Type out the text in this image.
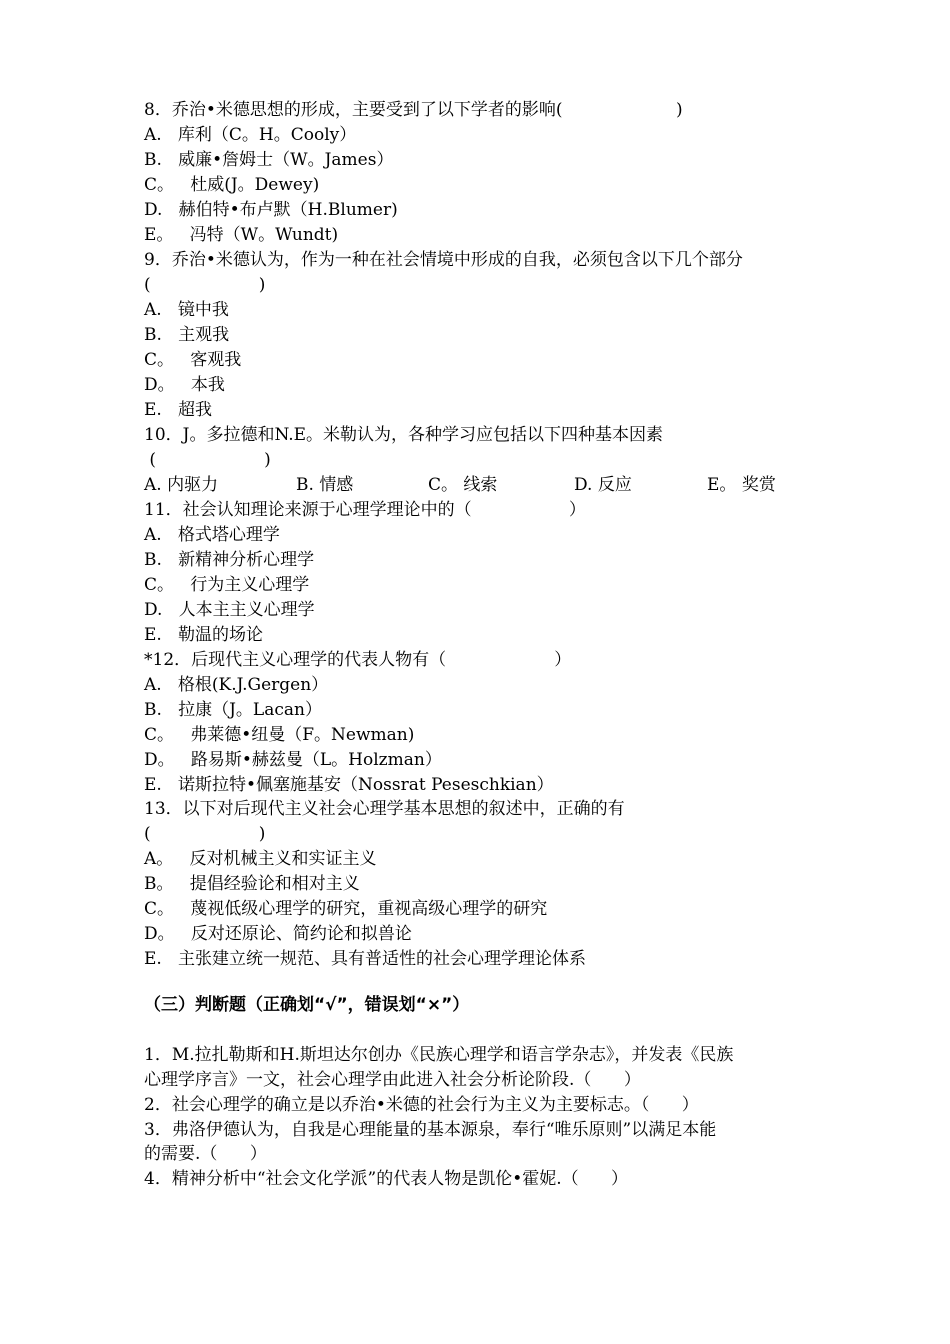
8．乔治•米德思想的形成，主要受到了以下学者的影响(                     )
A.   库利（C。H。Cooly）
B.   威廉•詹姆士（W。James）
C。   杜威(J。Dewey)
D.   赫伯特•布卢默（H.Blumer)
E。   冯特（W。Wundt)
9．乔治•米德认为，作为一种在社会情境中形成的自我，必须包含以下几个部分
(                    )
A.   镜中我
B.   主观我
C。   客观我
D。   本我
E.   超我
10．J。多拉德和N.E。米勒认为，各种学习应包括以下四种基本因素
(                    )

A. 内驱力

	B. 情感

	C。 线索

	D. 反应

	E。 奖赏

11．社会认知理论来源于心理学理论中的（                  ）
A.   格式塔心理学
B.   新精神分析心理学
C。   行为主义心理学
D.   人本主主义心理学
E.   勒温的场论
*12．后现代主义心理学的代表人物有（                    ）
A.   格根(K.J.Gergen）
B.   拉康（J。Lacan）
C。   弗莱德•纽曼（F。Newman)
D。   路易斯•赫兹曼（L。Holzman）
E.   诺斯拉特•佩塞施基安（Nossrat Peseschkian）
13．以下对后现代主义社会心理学基本思想的叙述中，正确的有
(                    )
A。   反对机械主义和实证主义
B。   提倡经验论和相对主义
C。   蔑视低级心理学的研究，重视高级心理学的研究
D。   反对还原论、简约论和拟兽论
E.   主张建立统一规范、具有普适性的社会心理学理论体系
（三）判断题（正确划“√”，错误划“×”）
1．M.拉扎勒斯和H.斯坦达尔创办《民族心理学和语言学杂志》，并发表《民族
心理学序言》一文，社会心理学由此进入社会分析论阶段.（      ）
2．社会心理学的确立是以乔治•米德的社会行为主义为主要标志。（      ）
3．弗洛伊德认为，自我是心理能量的基本源泉，奉行“唯乐原则”以满足本能
的需要.（      ）
4．精神分析中“社会文化学派”的代表人物是凯伦•霍妮.（      ）
